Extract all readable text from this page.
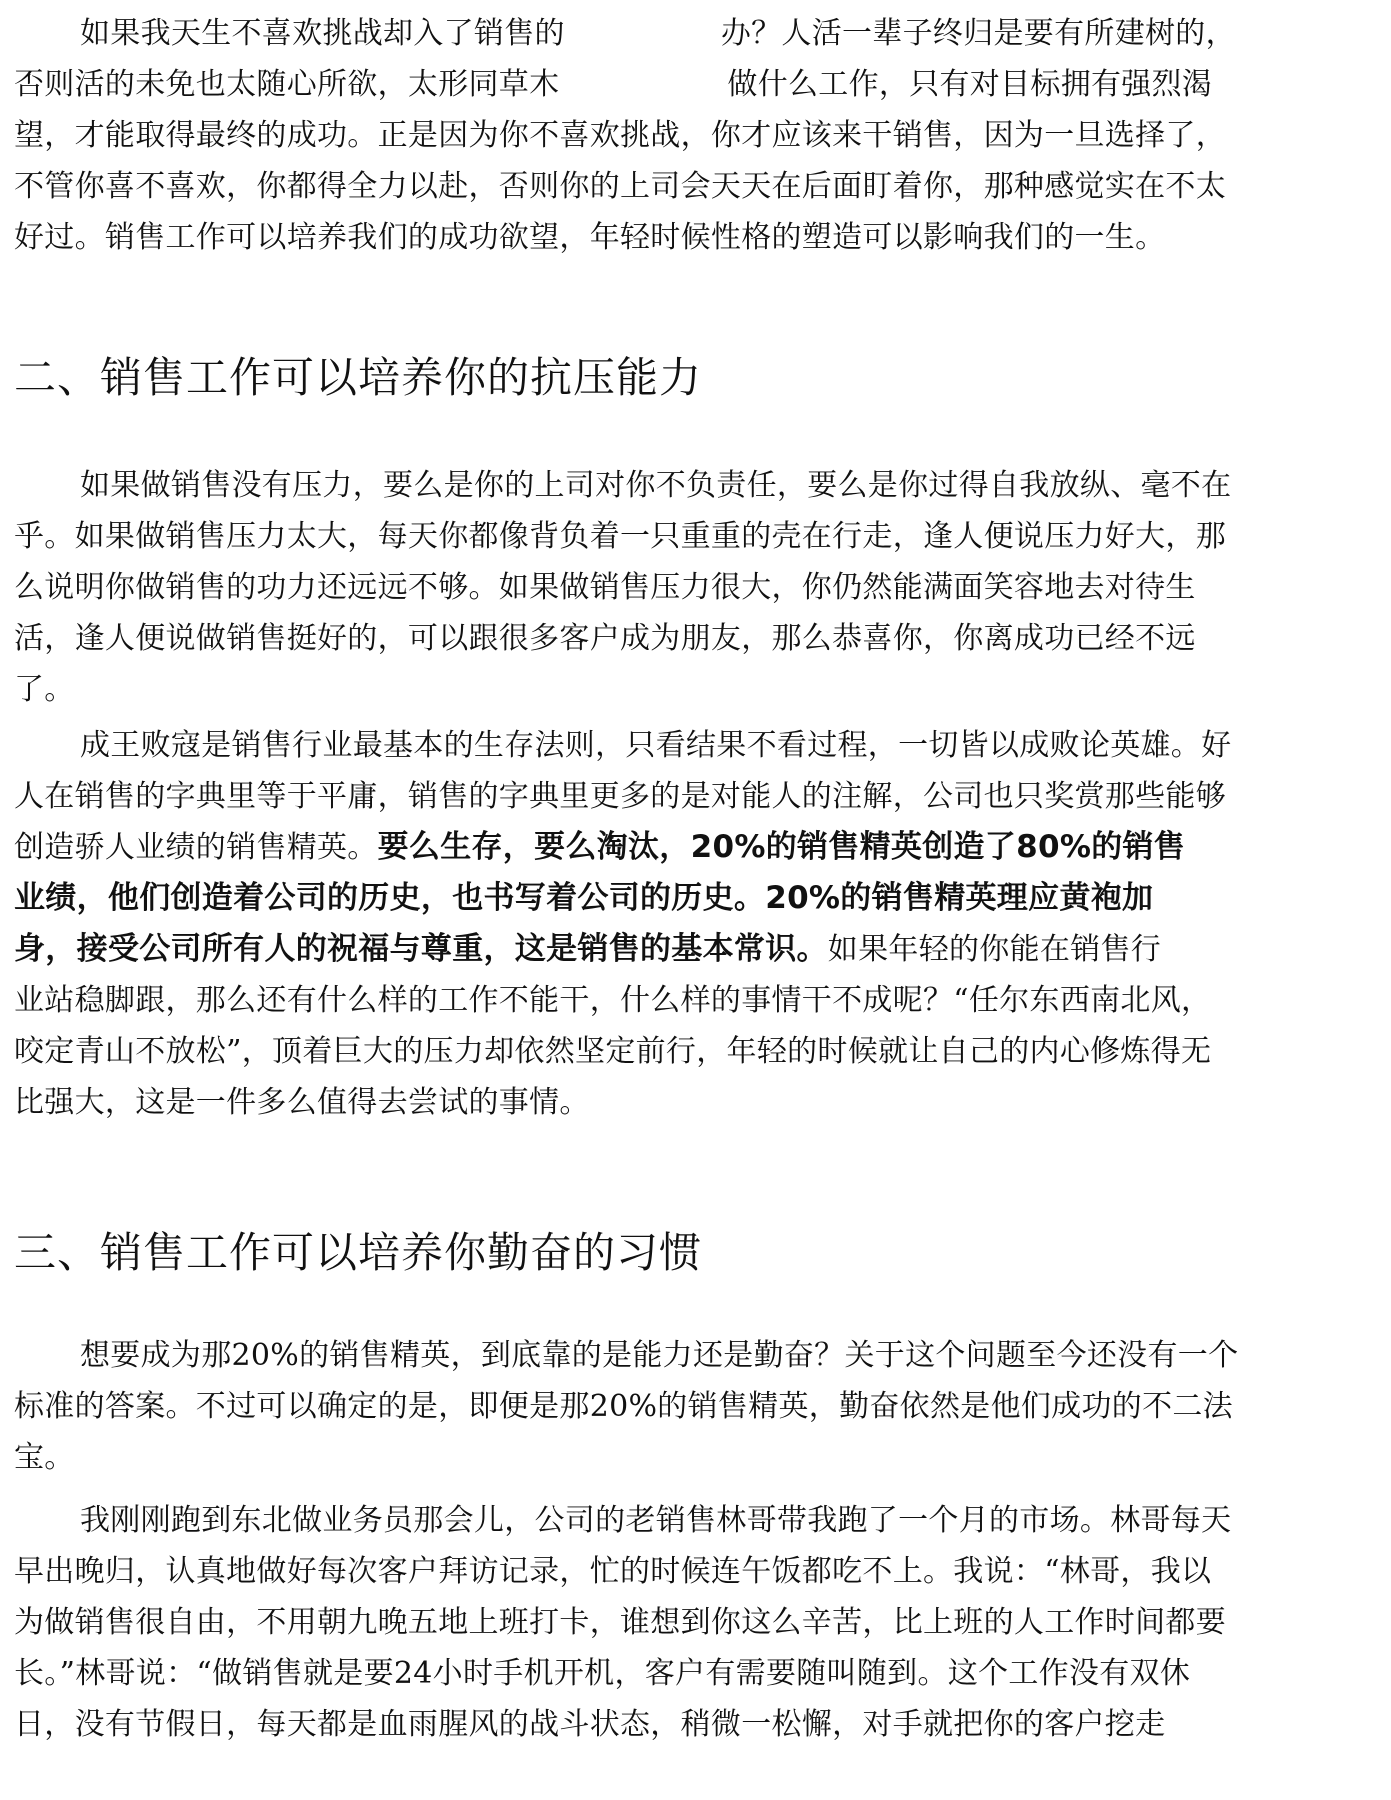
如果我天生不喜欢挑战却入了销售的	办？人活一辈子终归是要有所建树的，
否则活的未免也太随心所欲，太形同草木	做什么工作，只有对目标拥有强烈渴
望，才能取得最终的成功。正是因为你不喜欢挑战，你才应该来干销售，因为一旦选择了，
不管你喜不喜欢，你都得全力以赴，否则你的上司会天天在后面盯着你，那种感觉实在不太
好过。销售工作可以培养我们的成功欲望，年轻时候性格的塑造可以影响我们的一生。
二、销售工作可以培养你的抗压能力
如果做销售没有压力，要么是你的上司对你不负责任，要么是你过得自我放纵、毫不在
乎。如果做销售压力太大，每天你都像背负着一只重重的壳在行走，逢人便说压力好大，那
么说明你做销售的功力还远远不够。如果做销售压力很大，你仍然能满面笑容地去对待生
活，逢人便说做销售挺好的，可以跟很多客户成为朋友，那么恭喜你，你离成功已经不远
了。
成王败寇是销售行业最基本的生存法则，只看结果不看过程，一切皆以成败论英雄。好
人在销售的字典里等于平庸，销售的字典里更多的是对能人的注解，公司也只奖赏那些能够
创造骄人业绩的销售精英。要么生存，要么淘汰，20%的销售精英创造了80%的销售
业绩，他们创造着公司的历史，也书写着公司的历史。20%的销售精英理应黄袍加
身，接受公司所有人的祝福与尊重，这是销售的基本常识。如果年轻的你能在销售行
业站稳脚跟，那么还有什么样的工作不能干，什么样的事情干不成呢？“任尔东西南北风，
咬定青山不放松”，顶着巨大的压力却依然坚定前行，年轻的时候就让自己的内心修炼得无
比强大，这是一件多么值得去尝试的事情。
三、销售工作可以培养你勤奋的习惯
想要成为那20%的销售精英，到底靠的是能力还是勤奋？关于这个问题至今还没有一个
标准的答案。不过可以确定的是，即便是那20%的销售精英，勤奋依然是他们成功的不二法
宝。
我刚刚跑到东北做业务员那会儿，公司的老销售林哥带我跑了一个月的市场。林哥每天
早出晚归，认真地做好每次客户拜访记录，忙的时候连午饭都吃不上。我说：“林哥，我以
为做销售很自由，不用朝九晚五地上班打卡，谁想到你这么辛苦，比上班的人工作时间都要
长。”林哥说：“做销售就是要24小时手机开机，客户有需要随叫随到。这个工作没有双休
日，没有节假日，每天都是血雨腥风的战斗状态，稍微一松懈，对手就把你的客户挖走
